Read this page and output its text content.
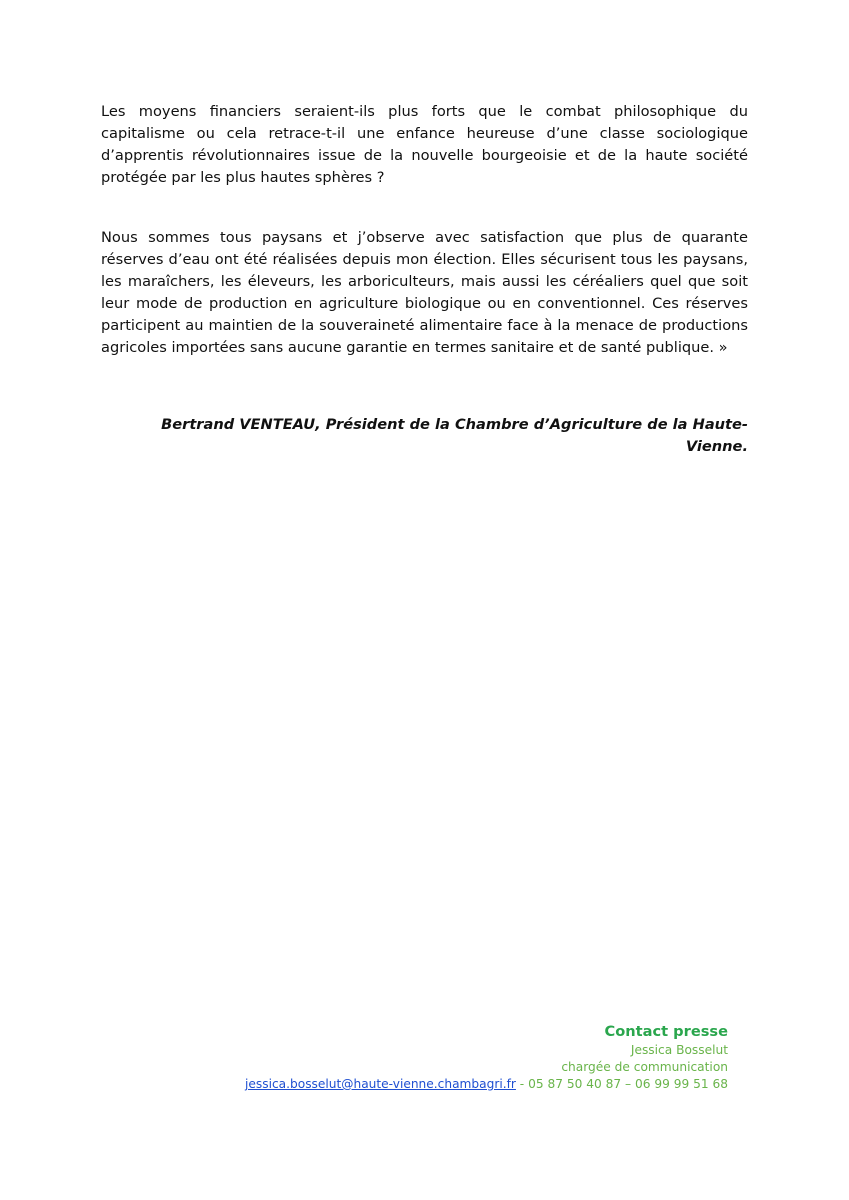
Les moyens financiers seraient-ils plus forts que le combat philosophique du capitalisme ou cela retrace-t-il une enfance heureuse d’une classe sociologique d’apprentis révolutionnaires issue de la nouvelle bourgeoisie et de la haute société protégée par les plus hautes sphères ?

Nous sommes tous paysans et j’observe avec satisfaction que plus de quarante réserves d’eau ont été réalisées depuis mon élection. Elles sécurisent tous les paysans, les maraîchers, les éleveurs, les arboriculteurs, mais aussi les céréaliers quel que soit leur mode de production en agriculture biologique ou en conventionnel. Ces réserves participent au maintien de la souveraineté alimentaire face à la menace de productions agricoles importées sans aucune garantie en termes sanitaire et de santé publique. »

Bertrand VENTEAU, Président de la Chambre d’Agriculture de la Haute-Vienne.

Contact presse
Jessica Bosselut
chargée de communication
jessica.bosselut@haute-vienne.chambagri.fr - 05 87 50 40 87 – 06 99 99 51 68
